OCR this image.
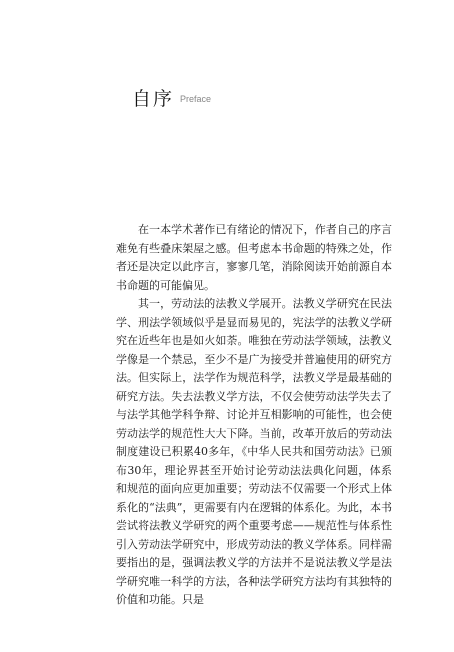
自序 Preface

在一本学术著作已有绪论的情况下，作者自己的序言难免有些叠床架屋之感。但考虑本书命题的特殊之处，作者还是决定以此序言，寥寥几笔，消除阅读开始前源自本书命题的可能偏见。

其一，劳动法的法教义学展开。法教义学研究在民法学、刑法学领域似乎是显而易见的，宪法学的法教义学研究在近些年也是如火如荼。唯独在劳动法学领域，法教义学像是一个禁忌，至少不是广为接受并普遍使用的研究方法。但实际上，法学作为规范科学，法教义学是最基础的研究方法。失去法教义学方法，不仅会使劳动法学失去了与法学其他学科争辩、讨论并互相影响的可能性，也会使劳动法学的规范性大大下降。当前，改革开放后的劳动法制度建设已积累40多年，《中华人民共和国劳动法》已颁布30年，理论界甚至开始讨论劳动法法典化问题，体系和规范的面向应更加重要；劳动法不仅需要一个形式上体系化的“法典”，更需要有内在逻辑的体系化。为此，本书尝试将法教义学研究的两个重要考虑——规范性与体系性引入劳动法学研究中，形成劳动法的教义学体系。同样需要指出的是，强调法教义学的方法并不是说法教义学是法学研究唯一科学的方法，各种法学研究方法均有其独特的价值和功能。只是
